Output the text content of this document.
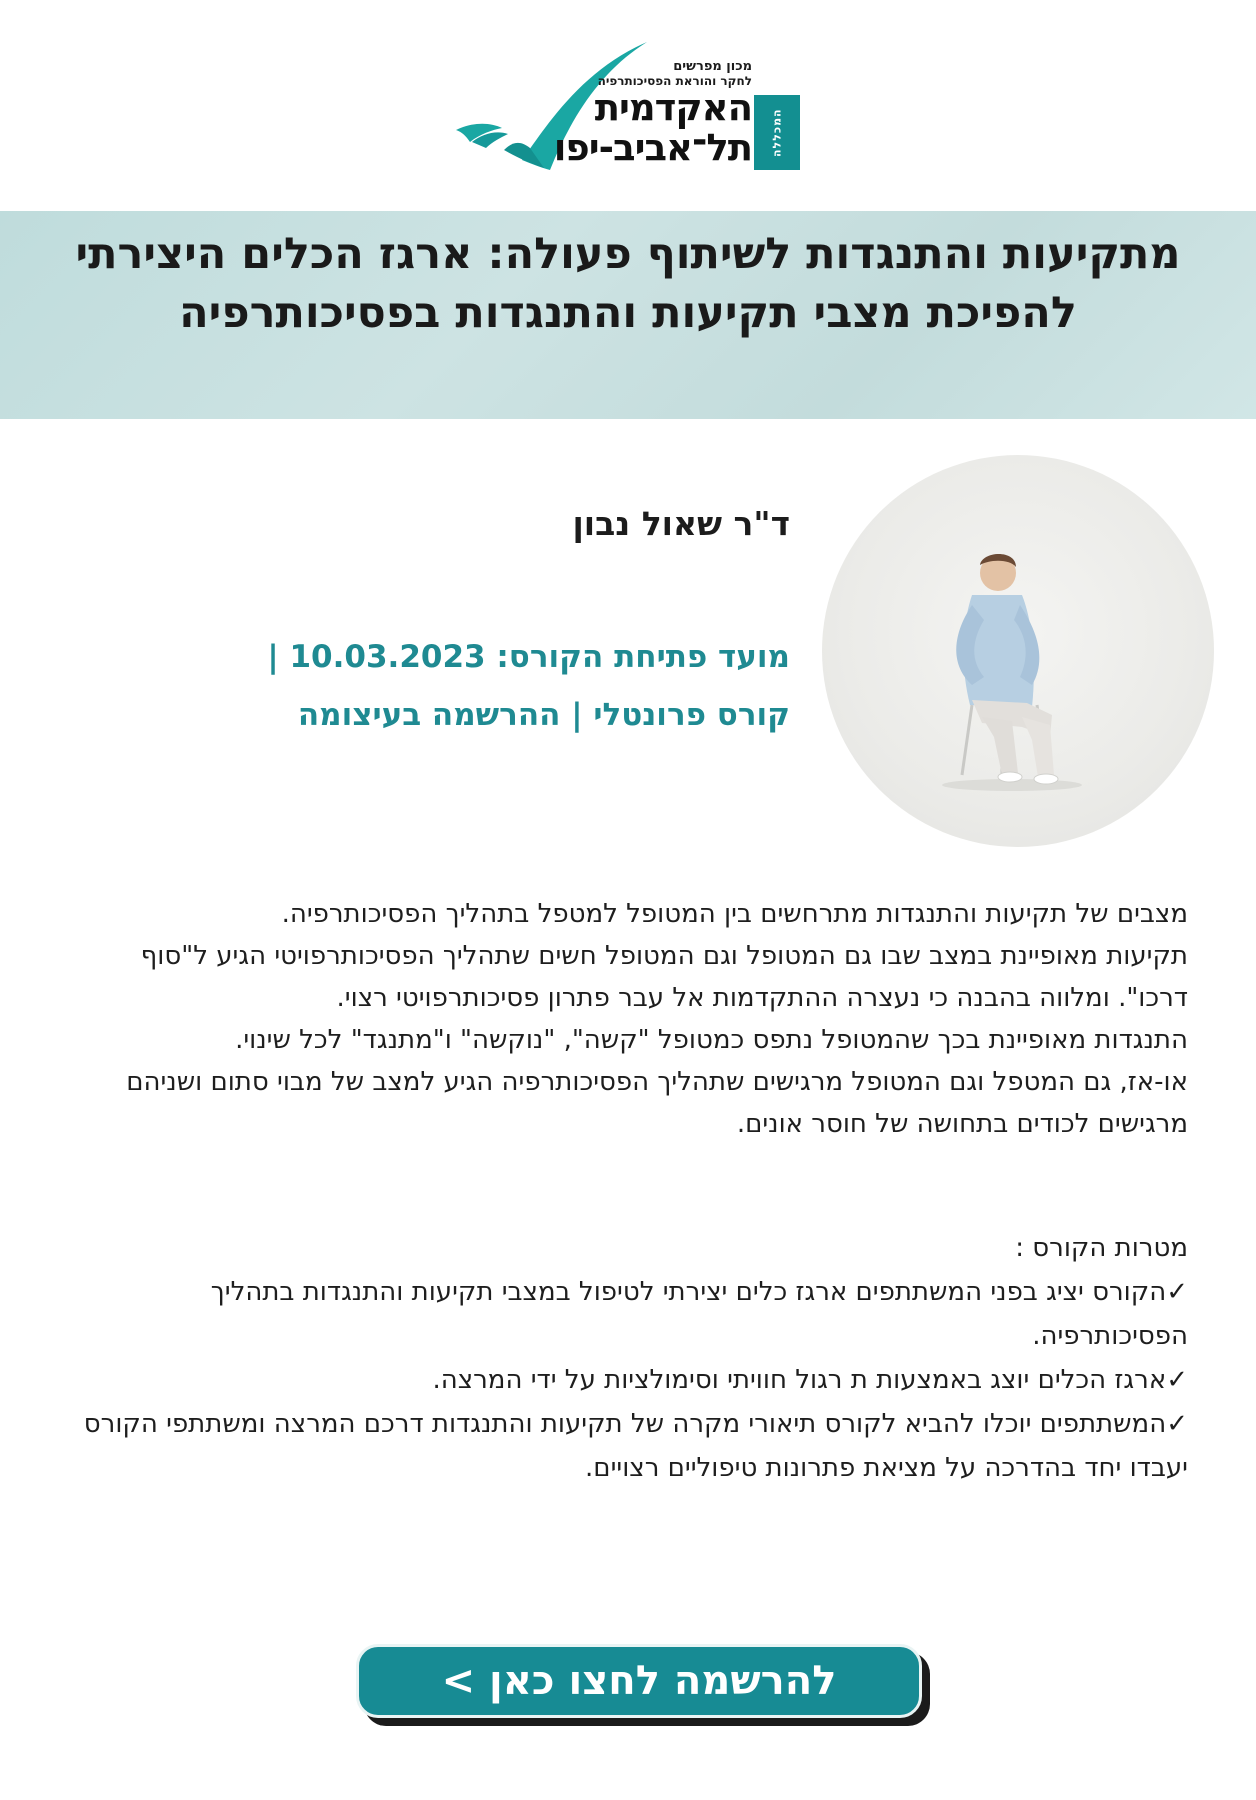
מכון מפרשים
לחקר והוראת הפסיכותרפיה
האקדמית
תל־אביב-יפו	המכללה
מתקיעות והתנגדות לשיתוף פעולה: ארגז הכלים היצירתי להפיכת מצבי תקיעות והתנגדות בפסיכותרפיה
ד"ר שאול נבון
מועד פתיחת הקורס: 10.03.2023 |
קורס פרונטלי | ההרשמה בעיצומה

מצבים של תקיעות והתנגדות מתרחשים בין המטופל למטפל בתהליך הפסיכותרפיה.

תקיעות מאופיינת במצב שבו גם המטופל וגם המטופל חשים שתהליך הפסיכותרפויטי הגיע ל"סוף דרכו". ומלווה בהבנה כי נעצרה ההתקדמות אל עבר פתרון פסיכותרפויטי רצוי.

התנגדות מאופיינת בכך שהמטופל נתפס כמטופל "קשה", "נוקשה" ו"מתנגד" לכל שינוי.

או-אז, גם המטפל וגם המטופל מרגישים שתהליך הפסיכותרפיה הגיע למצב של מבוי סתום ושניהם מרגישים לכודים בתחושה של חוסר אונים.

מטרות הקורס :

✓הקורס יציג בפני המשתתפים ארגז כלים יצירתי לטיפול במצבי תקיעות והתנגדות בתהליך הפסיכותרפיה.

✓ארגז הכלים יוצג באמצעות ת רגול חוויתי וסימולציות על ידי המרצה.

✓המשתתפים יוכלו להביא לקורס תיאורי מקרה של תקיעות והתנגדות דרכם המרצה ומשתתפי הקורס יעבדו יחד בהדרכה על מציאת פתרונות טיפוליים רצויים.

להרשמה לחצו כאן >
